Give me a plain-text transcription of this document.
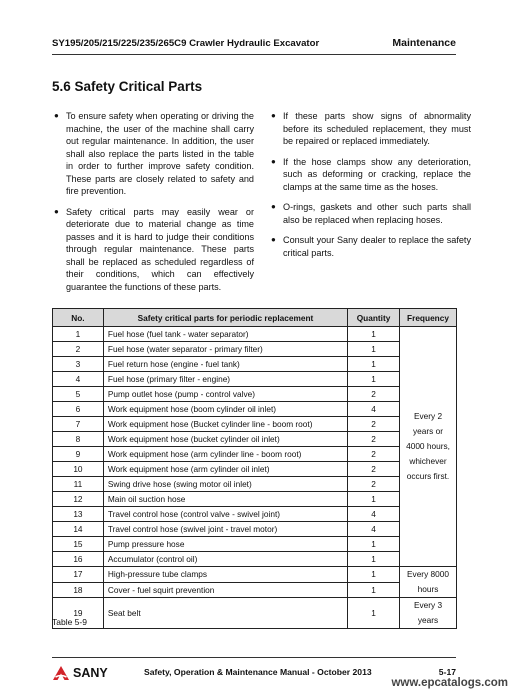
SY195/205/215/225/235/265C9 Crawler Hydraulic Excavator	Maintenance
5.6 Safety Critical Parts
● To ensure safety when operating or driving the machine, the user of the machine shall carry out regular maintenance. In addition, the user shall also replace the parts listed in the table in order to further improve safety condition. These parts are closely related to safety and fire prevention.
● Safety critical parts may easily wear or deteriorate due to material change as time passes and it is hard to judge their conditions through regular maintenance. These parts shall be replaced as scheduled regardless of their conditions, which can effectively guarantee the functions of these parts.
● If these parts show signs of abnormality before its scheduled replacement, they must be repaired or replaced immediately.
● If the hose clamps show any deterioration, such as deforming or cracking, replace the clamps at the same time as the hoses.
● O-rings, gaskets and other such parts shall also be replaced when replacing hoses.
● Consult your Sany dealer to replace the safety critical parts.
No.	Safety critical parts for periodic replacement	Quantity	Frequency
1	Fuel hose (fuel tank - water separator)	1	Every 2 years or 4000 hours, whichever occurs first.
2	Fuel hose (water separator - primary filter)	1	
3	Fuel return hose (engine - fuel tank)	1	
4	Fuel hose (primary filter - engine)	1	
5	Pump outlet hose (pump - control valve)	2	
6	Work equipment hose (boom cylinder oil inlet)	4	
7	Work equipment hose (Bucket cylinder line - boom root)	2	
8	Work equipment hose (bucket cylinder oil inlet)	2	
9	Work equipment hose (arm cylinder line - boom root)	2	
10	Work equipment hose (arm cylinder oil inlet)	2	
11	Swing drive hose (swing motor oil inlet)	2	
12	Main oil suction hose	1	
13	Travel control hose (control valve - swivel joint)	4	
14	Travel control hose (swivel joint - travel motor)	4	
15	Pump pressure hose	1	
16	Accumulator (control oil)	1	
17	High-pressure tube clamps	1	Every 8000 hours
18	Cover - fuel squirt prevention	1	
19	Seat belt	1	Every 3 years
Table 5-9
SANY	Safety, Operation & Maintenance Manual - October 2013	5-17
www.epcatalogs.com
